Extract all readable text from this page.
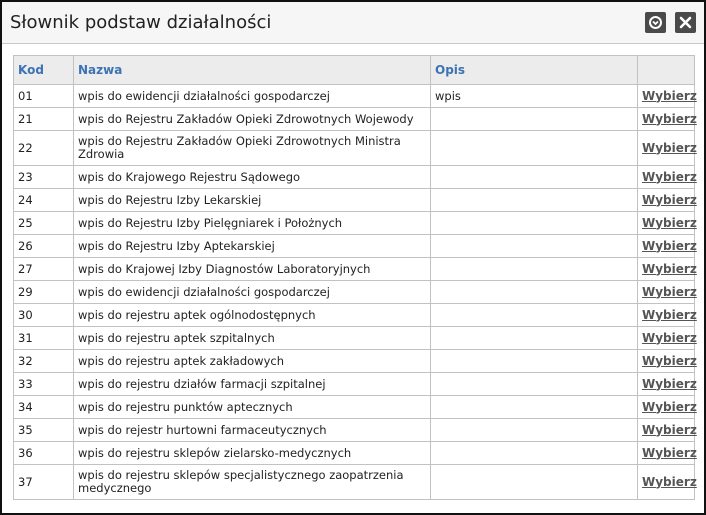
Słownik podstaw działalności
Kod	Nazwa	Opis	
01	wpis do ewidencji działalności gospodarczej	wpis	Wybierz
21	wpis do Rejestru Zakładów Opieki Zdrowotnych Wojewody		Wybierz
22	wpis do Rejestru Zakładów Opieki Zdrowotnych Ministra Zdrowia		Wybierz
23	wpis do Krajowego Rejestru Sądowego		Wybierz
24	wpis do Rejestru Izby Lekarskiej		Wybierz
25	wpis do Rejestru Izby Pielęgniarek i Położnych		Wybierz
26	wpis do Rejestru Izby Aptekarskiej		Wybierz
27	wpis do Krajowej Izby Diagnostów Laboratoryjnych		Wybierz
29	wpis do ewidencji działalności gospodarczej		Wybierz
30	wpis do rejestru aptek ogólnodostępnych		Wybierz
31	wpis do rejestru aptek szpitalnych		Wybierz
32	wpis do rejestru aptek zakładowych		Wybierz
33	wpis do rejestru działów farmacji szpitalnej		Wybierz
34	wpis do rejestru punktów aptecznych		Wybierz
35	wpis do rejestr hurtowni farmaceutycznych		Wybierz
36	wpis do rejestru sklepów zielarsko-medycznych		Wybierz
37	wpis do rejestru sklepów specjalistycznego zaopatrzenia medycznego		Wybierz
